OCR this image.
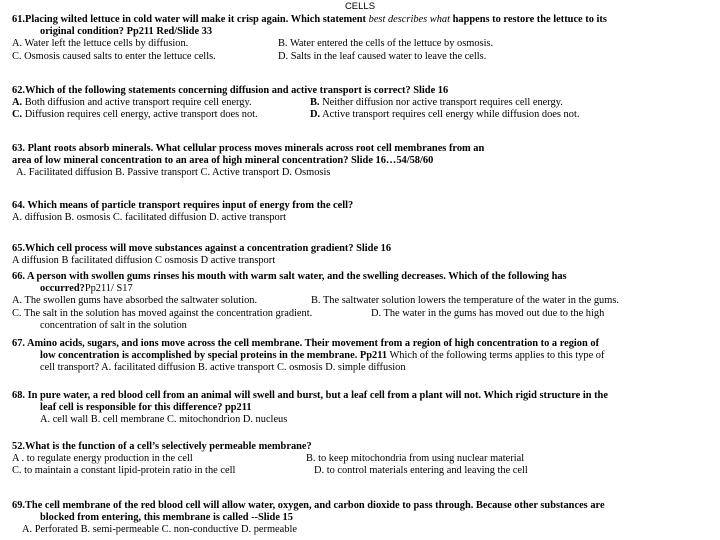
CELLS
61.Placing wilted lettuce in cold water will make it crisp again. Which statement best describes what happens to restore the lettuce to its
original condition? Pp211 Red/Slide 33
A. Water left the lettuce cells by diffusion.	B. Water entered the cells of the lettuce by osmosis.
C. Osmosis caused salts to enter the lettuce cells.	D. Salts in the leaf caused water to leave the cells.
62.Which of the following statements concerning diffusion and active transport is correct? Slide 16
A. Both diffusion and active transport require cell energy.	B. Neither diffusion nor active transport requires cell energy.
C. Diffusion requires cell energy, active transport does not.	D. Active transport requires cell energy while diffusion does not.
63. Plant roots absorb minerals. What cellular process moves minerals across root cell membranes from an
area of low mineral concentration to an area of high mineral concentration? Slide 16…54/58/60
A. Facilitated diffusion B. Passive transport C. Active transport D. Osmosis
64. Which means of particle transport requires input of energy from the cell?
A. diffusion B. osmosis C. facilitated diffusion D. active transport
65.Which cell process will move substances against a concentration gradient? Slide 16
A diffusion B facilitated diffusion C osmosis D active transport
66. A person with swollen gums rinses his mouth with warm salt water, and the swelling decreases. Which of the following has
occurred?Pp211/ S17
A. The swollen gums have absorbed the saltwater solution.	B. The saltwater solution lowers the temperature of the water in the gums.
C. The salt in the solution has moved against the concentration gradient.	D. The water in the gums has moved out due to the high
concentration of salt in the solution
67. Amino acids, sugars, and ions move across the cell membrane. Their movement from a region of high concentration to a region of
low concentration is accomplished by special proteins in the membrane. Pp211 Which of the following terms applies to this type of
cell transport? A. facilitated diffusion B. active transport C. osmosis D. simple diffusion
68. In pure water, a red blood cell from an animal will swell and burst, but a leaf cell from a plant will not. Which rigid structure in the
leaf cell is responsible for this difference? pp211
A. cell wall B. cell membrane C. mitochondrion D. nucleus
52.What is the function of a cell’s selectively permeable membrane?
A . to regulate energy production in the cell	B. to keep mitochondria from using nuclear material
C. to maintain a constant lipid-protein ratio in the cell	D. to control materials entering and leaving the cell
69.The cell membrane of the red blood cell will allow water, oxygen, and carbon dioxide to pass through. Because other substances are
blocked from entering, this membrane is called --Slide 15
A. Perforated B. semi-permeable C. non-conductive D. permeable
